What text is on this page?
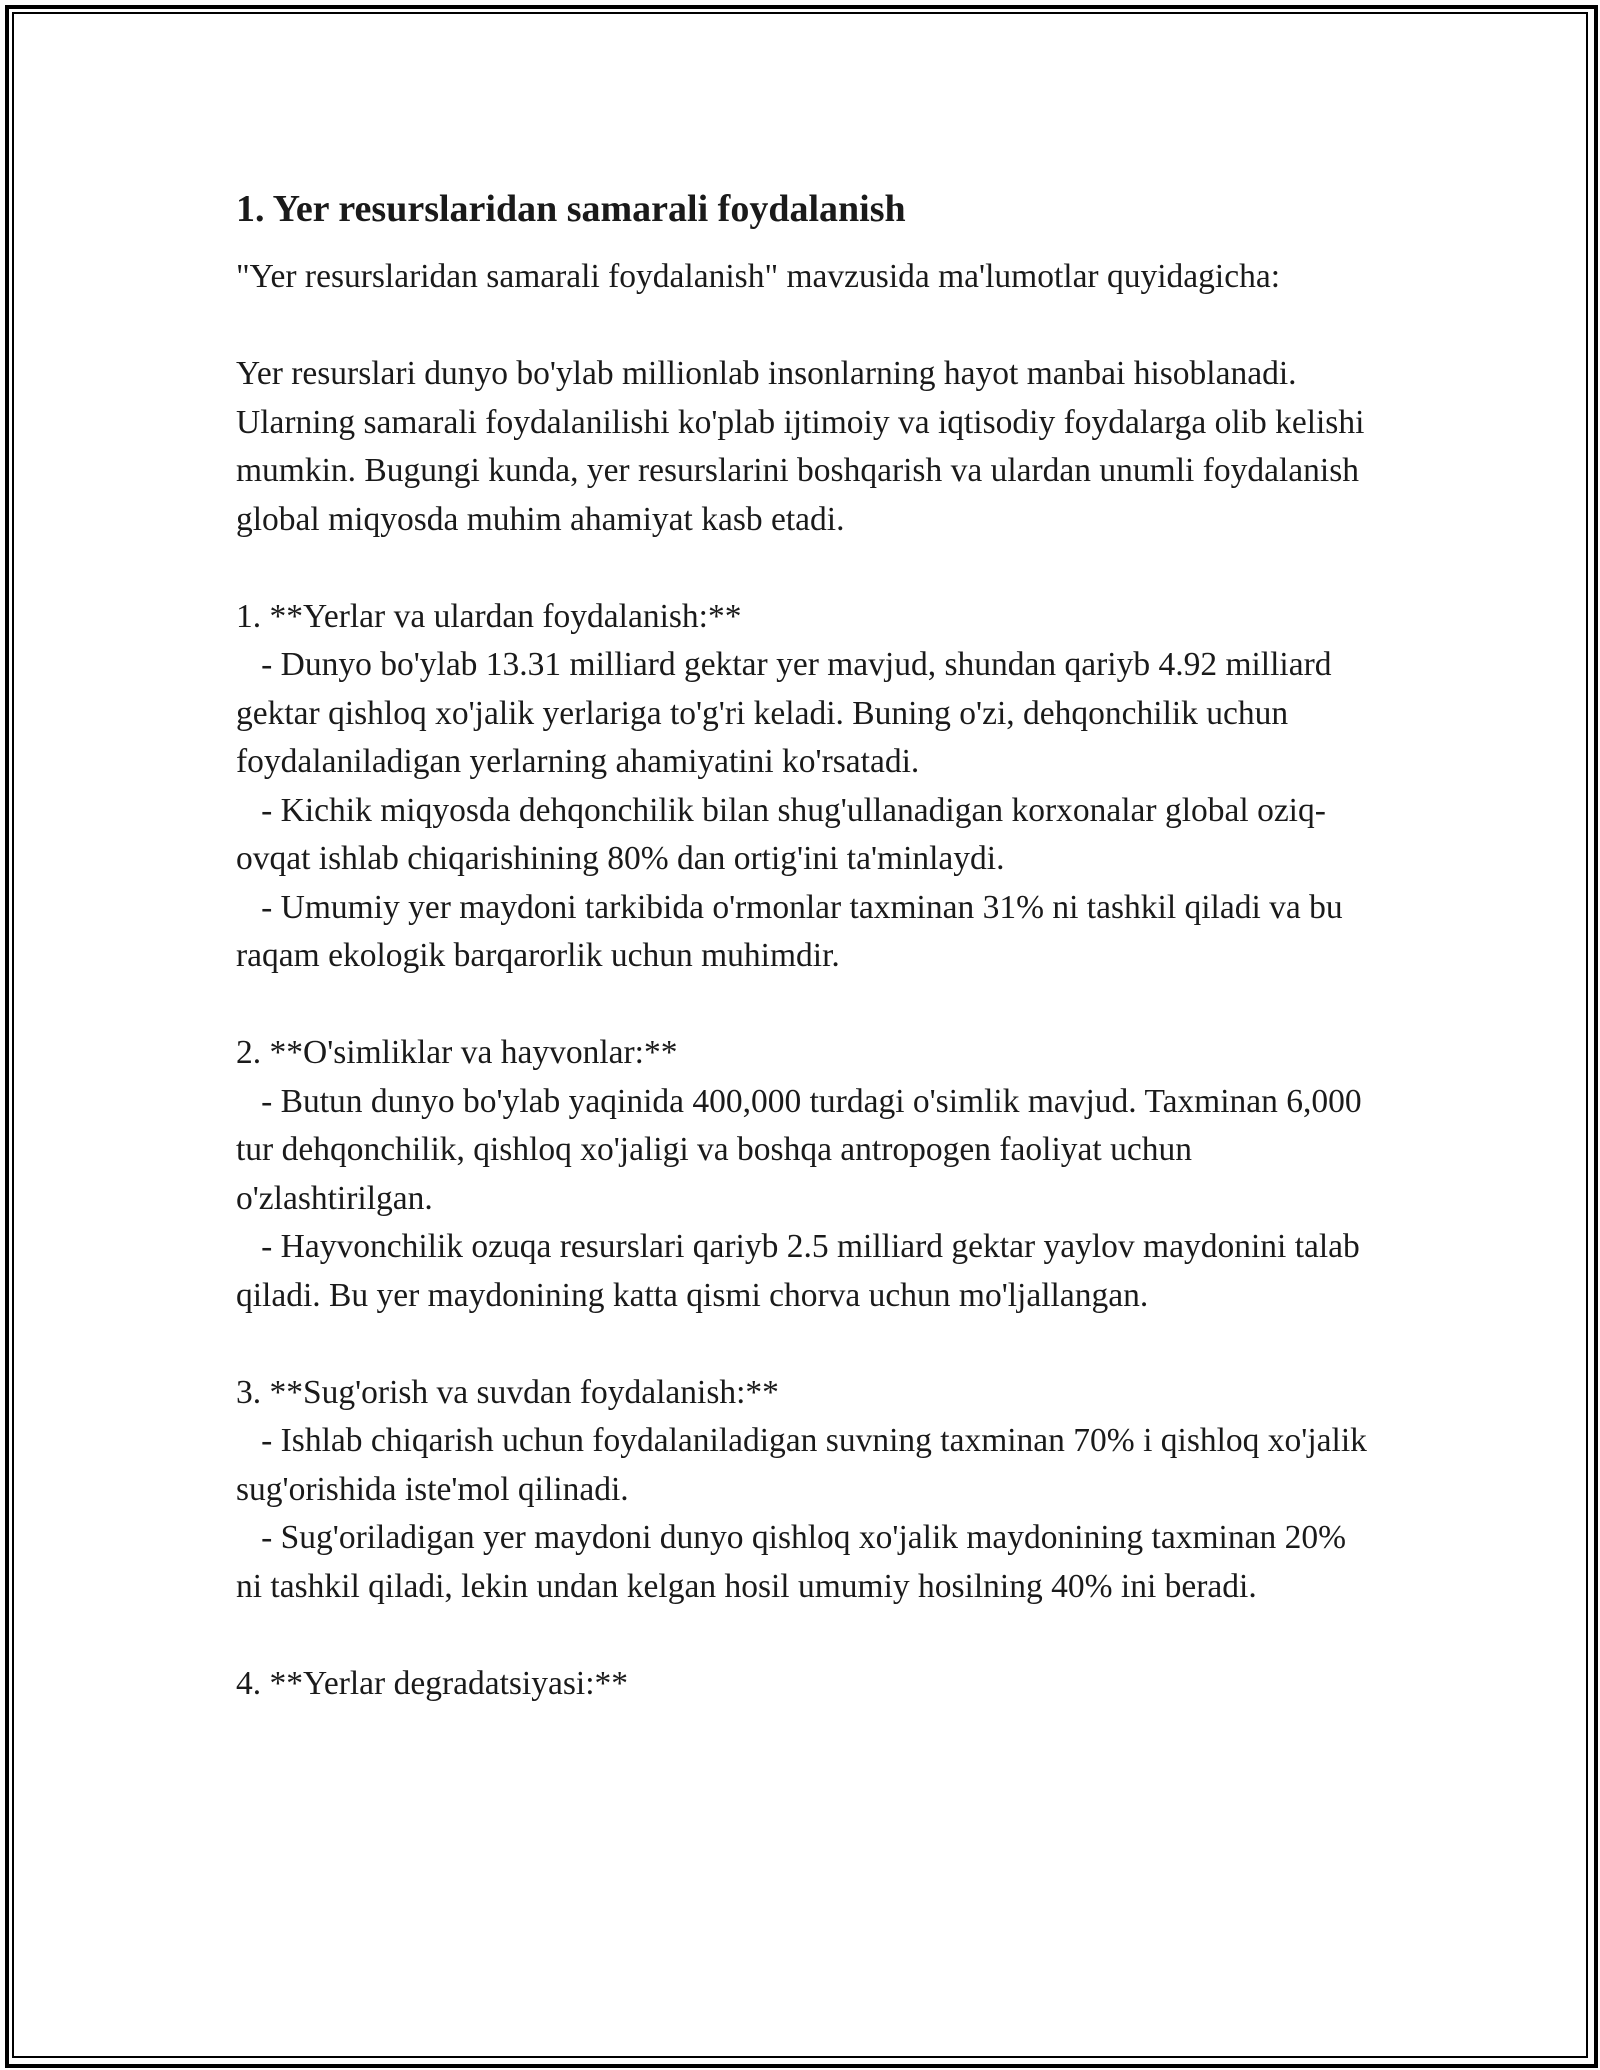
1. Yer resurslaridan samarali foydalanish

"Yer resurslaridan samarali foydalanish" mavzusida ma'lumotlar quyidagicha:

Yer resurslari dunyo bo'ylab millionlab insonlarning hayot manbai hisoblanadi. Ularning samarali foydalanilishi ko'plab ijtimoiy va iqtisodiy foydalarga olib kelishi mumkin. Bugungi kunda, yer resurslarini boshqarish va ulardan unumli foydalanish global miqyosda muhim ahamiyat kasb etadi.

1. **Yerlar va ulardan foydalanish:**
- Dunyo bo'ylab 13.31 milliard gektar yer mavjud, shundan qariyb 4.92 milliard gektar qishloq xo'jalik yerlariga to'g'ri keladi. Buning o'zi, dehqonchilik uchun foydalaniladigan yerlarning ahamiyatini ko'rsatadi.
- Kichik miqyosda dehqonchilik bilan shug'ullanadigan korxonalar global oziq-ovqat ishlab chiqarishining 80% dan ortig'ini ta'minlaydi.
- Umumiy yer maydoni tarkibida o'rmonlar taxminan 31% ni tashkil qiladi va bu raqam ekologik barqarorlik uchun muhimdir.

2. **O'simliklar va hayvonlar:**
- Butun dunyo bo'ylab yaqinida 400,000 turdagi o'simlik mavjud. Taxminan 6,000 tur dehqonchilik, qishloq xo'jaligi va boshqa antropogen faoliyat uchun o'zlashtirilgan.
- Hayvonchilik ozuqa resurslari qariyb 2.5 milliard gektar yaylov maydonini talab qiladi. Bu yer maydonining katta qismi chorva uchun mo'ljallangan.

3. **Sug'orish va suvdan foydalanish:**
- Ishlab chiqarish uchun foydalaniladigan suvning taxminan 70% i qishloq xo'jalik sug'orishida iste'mol qilinadi.
- Sug'oriladigan yer maydoni dunyo qishloq xo'jalik maydonining taxminan 20% ni tashkil qiladi, lekin undan kelgan hosil umumiy hosilning 40% ini beradi.

4. **Yerlar degradatsiyasi:**
